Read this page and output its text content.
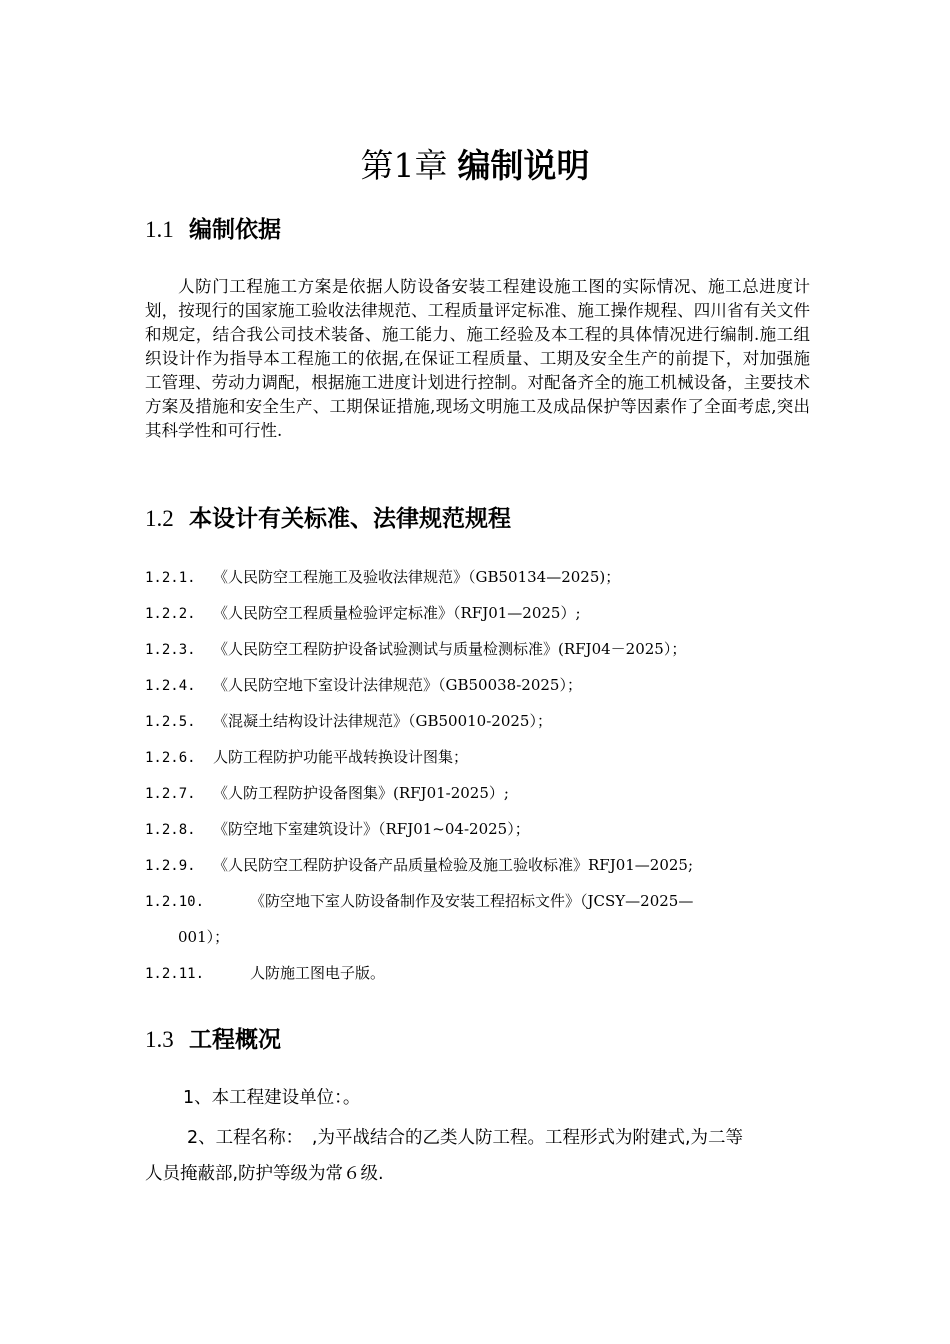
第1章 编制说明
1.1 编制依据
人防门工程施工方案是依据人防设备安装工程建设施工图的实际情况、施工总进度计划，按现行的国家施工验收法律规范、工程质量评定标准、施工操作规程、四川省有关文件和规定，结合我公司技术装备、施工能力、施工经验及本工程的具体情况进行编制.施工组织设计作为指导本工程施工的依据,在保证工程质量、工期及安全生产的前提下，对加强施工管理、劳动力调配，根据施工进度计划进行控制。对配备齐全的施工机械设备，主要技术方案及措施和安全生产、工期保证措施,现场文明施工及成品保护等因素作了全面考虑,突出其科学性和可行性.
1.2 本设计有关标准、法律规范规程
1.2.1. 《人民防空工程施工及验收法律规范》（GB50134—2025)；
1.2.2. 《人民防空工程质量检验评定标准》（RFJ01—2025）;
1.2.3. 《人民防空工程防护设备试验测试与质量检测标准》(RFJ04－2025）；
1.2.4. 《人民防空地下室设计法律规范》（GB50038-2025）；
1.2.5. 《混凝土结构设计法律规范》（GB50010-2025）；
1.2.6. 人防工程防护功能平战转换设计图集；
1.2.7. 《人防工程防护设备图集》(RFJ01-2025）;
1.2.8. 《防空地下室建筑设计》（RFJ01~04-2025）；
1.2.9. 《人民防空工程防护设备产品质量检验及施工验收标准》RFJ01—2025;
1.2.10.	《防空地下室人防设备制作及安装工程招标文件》（JCSY—2025—
001）；
1.2.11.	人防施工图电子版。
1.3 工程概况
1、本工程建设单位：。
2、工程名称：　,为平战结合的乙类人防工程。工程形式为附建式,为二等
人员掩蔽部,防护等级为常６级.
